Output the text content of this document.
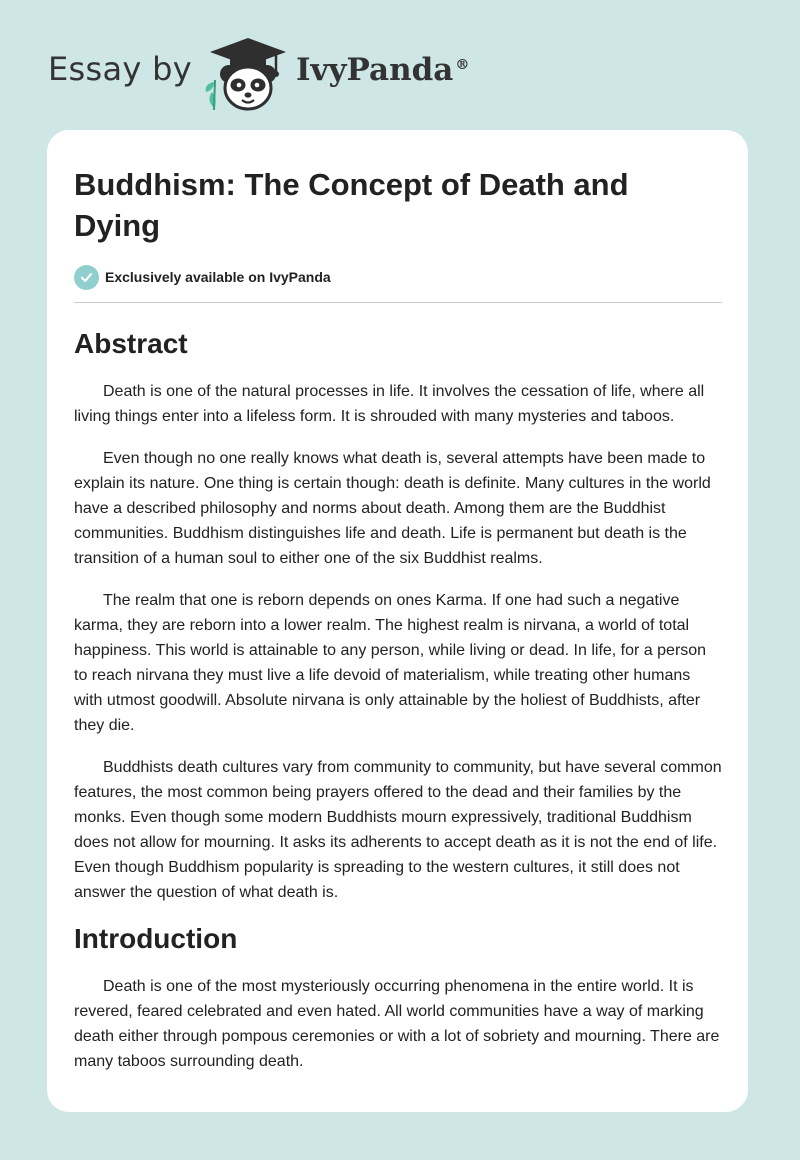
Essay by	IvyPanda ®
Buddhism: The Concept of Death and Dying
Exclusively available on IvyPanda
Abstract

Death is one of the natural processes in life. It involves the cessation of life, where all living things enter into a lifeless form. It is shrouded with many mysteries and taboos.

Even though no one really knows what death is, several attempts have been made to explain its nature. One thing is certain though: death is definite. Many cultures in the world have a described philosophy and norms about death. Among them are the Buddhist communities. Buddhism distinguishes life and death. Life is permanent but death is the transition of a human soul to either one of the six Buddhist realms.

The realm that one is reborn depends on ones Karma. If one had such a negative karma, they are reborn into a lower realm. The highest realm is nirvana, a world of total happiness. This world is attainable to any person, while living or dead. In life, for a person to reach nirvana they must live a life devoid of materialism, while treating other humans with utmost goodwill. Absolute nirvana is only attainable by the holiest of Buddhists, after they die.

Buddhists death cultures vary from community to community, but have several common features, the most common being prayers offered to the dead and their families by the monks. Even though some modern Buddhists mourn expressively, traditional Buddhism does not allow for mourning. It asks its adherents to accept death as it is not the end of life. Even though Buddhism popularity is spreading to the western cultures, it still does not answer the question of what death is.

Introduction

Death is one of the most mysteriously occurring phenomena in the entire world. It is revered, feared celebrated and even hated. All world communities have a way of marking death either through pompous ceremonies or with a lot of sobriety and mourning. There are many taboos surrounding death.
